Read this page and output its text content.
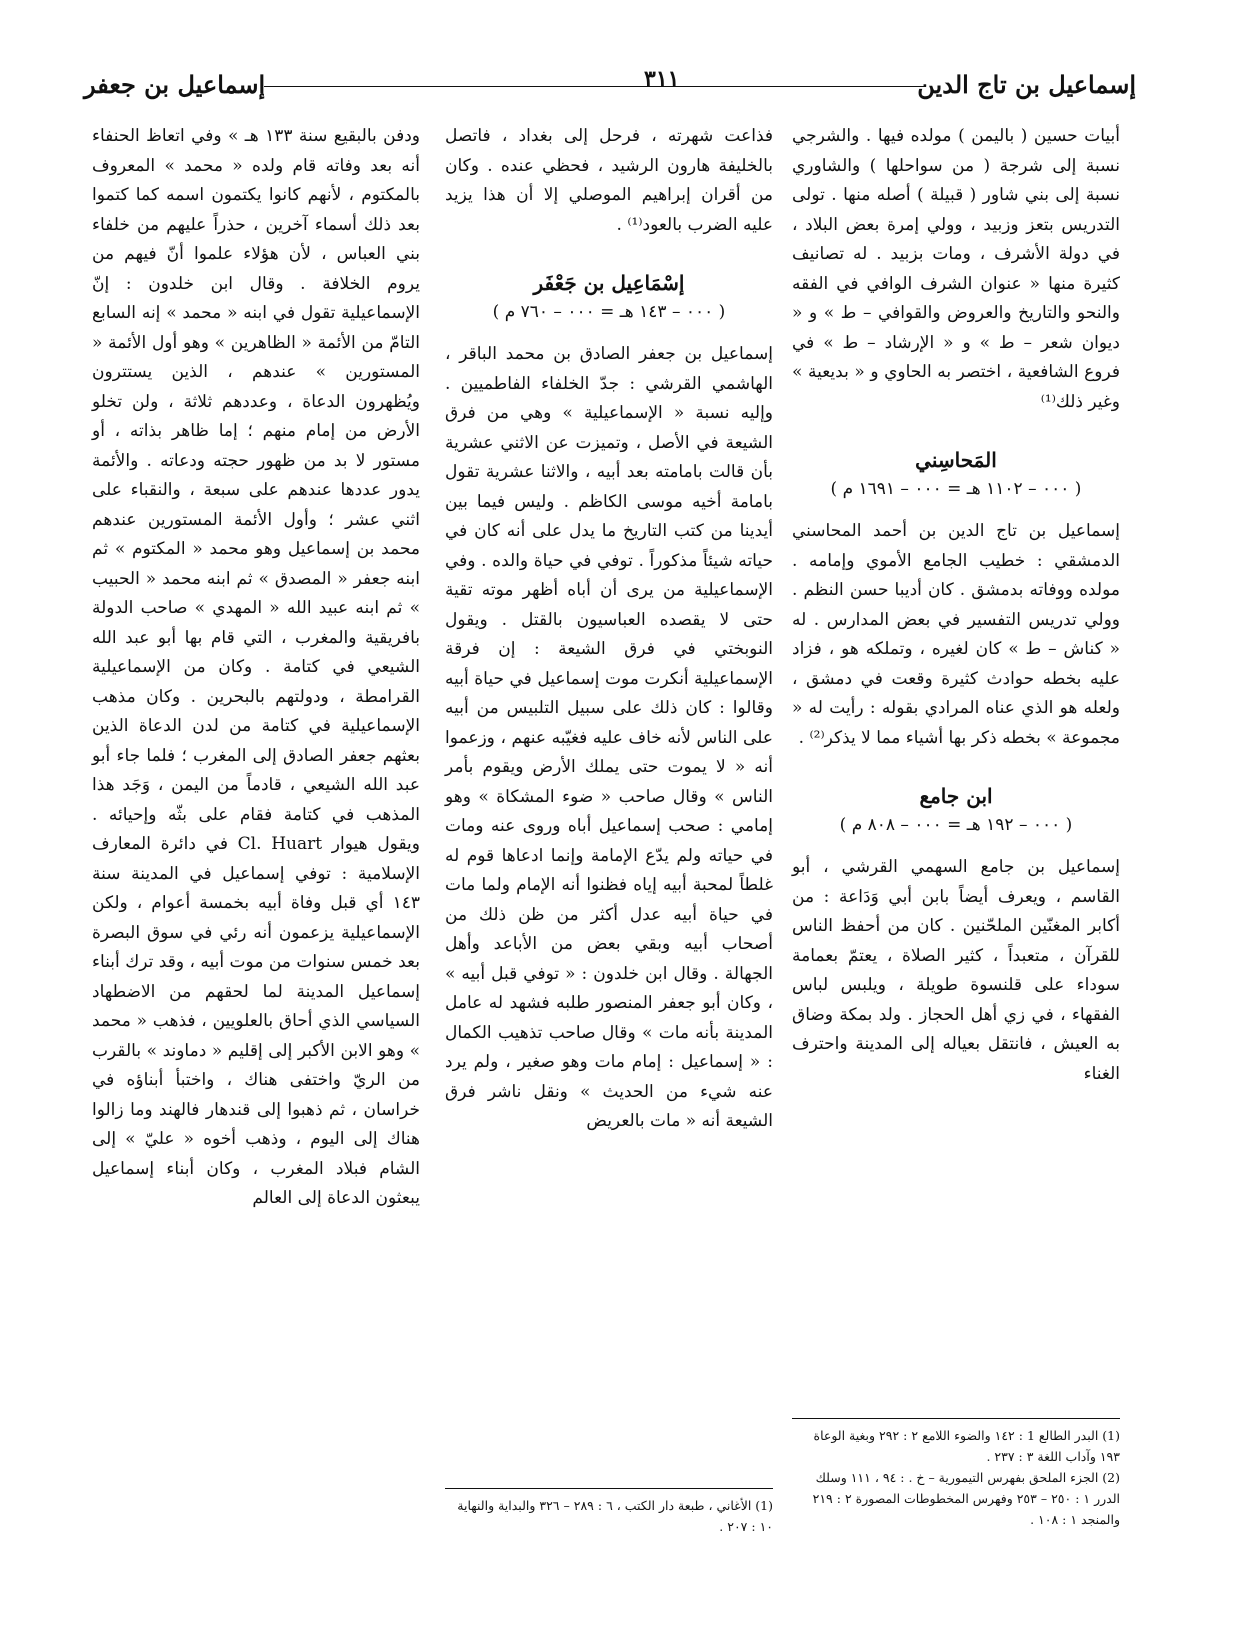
إسماعيل بن تاج الدين
٣١١
إسماعيل بن جعفر

أبيات حسين ( باليمن ) مولده فيها . والشرجي نسبة إلى شرجة ( من سواحلها ) والشاوري نسبة إلى بني شاور ( قبيلة ) أصله منها . تولى التدريس بتعز وزبيد ، وولي إمرة بعض البلاد ، في دولة الأشرف ، ومات بزبيد . له تصانيف كثيرة منها « عنوان الشرف الوافي في الفقه والنحو والتاريخ والعروض والقوافي – ط » و « ديوان شعر – ط » و « الإرشاد – ط » في فروع الشافعية ، اختصر به الحاوي و « بديعية » وغير ذلك⁽¹⁾

المَحاسِني
( ٠٠٠ – ١١٠٢ هـ = ٠٠٠ – ١٦٩١ م )

إسماعيل بن تاج الدين بن أحمد المحاسني الدمشقي : خطيب الجامع الأموي وإمامه . مولده ووفاته بدمشق . كان أديبا حسن النظم . وولي تدريس التفسير في بعض المدارس . له « كناش – ط » كان لغيره ، وتملكه هو ، فزاد عليه بخطه حوادث كثيرة وقعت في دمشق ، ولعله هو الذي عناه المرادي بقوله : رأيت له « مجموعة » بخطه ذكر بها أشياء مما لا يذكر⁽²⁾ .

ابن جامع
( ٠٠٠ – ١٩٢ هـ = ٠٠٠ – ٨٠٨ م )

إسماعيل بن جامع السهمي القرشي ، أبو القاسم ، ويعرف أيضاً بابن أبي وَدَاعة : من أكابر المغنّين الملحّنين . كان من أحفظ الناس للقرآن ، متعبداً ، كثير الصلاة ، يعتمّ بعمامة سوداء على قلنسوة طويلة ، ويلبس لباس الفقهاء ، في زي أهل الحجاز . ولد بمكة وضاق به العيش ، فانتقل بعياله إلى المدينة واحترف الغناء

(1) البدر الطالع 1 : ١٤٢ والضوء اللامع ٢ : ٢٩٢ وبغية الوعاة ١٩٣ وآداب اللغة ٣ : ٢٣٧ .

(2) الجزء الملحق بفهرس التيمورية – خ . : ٩٤ ، ١١١ وسلك الدرر ١ : ٢٥٠ – ٢٥٣ وفهرس المخطوطات المصورة ٢ : ٢١٩ والمنجد ١ : ١٠٨ .

فذاعت شهرته ، فرحل إلى بغداد ، فاتصل بالخليفة هارون الرشيد ، فحظي عنده . وكان من أقران إبراهيم الموصلي إلا أن هذا يزيد عليه الضرب بالعود⁽¹⁾ .

إسْمَاعِيل بن جَعْفَر
( ٠٠٠ – ١٤٣ هـ = ٠٠٠ – ٧٦٠ م )

إسماعيل بن جعفر الصادق بن محمد الباقر ، الهاشمي القرشي : جدّ الخلفاء الفاطميين . وإليه نسبة « الإسماعيلية » وهي من فرق الشيعة في الأصل ، وتميزت عن الاثني عشرية بأن قالت بامامته بعد أبيه ، والاثنا عشرية تقول بامامة أخيه موسى الكاظم . وليس فيما بين أيدينا من كتب التاريخ ما يدل على أنه كان في حياته شيئاً مذكوراً . توفي في حياة والده . وفي الإسماعيلية من يرى أن أباه أظهر موته تقية حتى لا يقصده العباسيون بالقتل . ويقول النوبختي في فرق الشيعة : إن فرقة الإسماعيلية أنكرت موت إسماعيل في حياة أبيه وقالوا : كان ذلك على سبيل التلبيس من أبيه على الناس لأنه خاف عليه فغيّبه عنهم ، وزعموا أنه « لا يموت حتى يملك الأرض ويقوم بأمر الناس » وقال صاحب « ضوء المشكاة » وهو إمامي : صحب إسماعيل أباه وروى عنه ومات في حياته ولم يدّع الإمامة وإنما ادعاها قوم له غلطاً لمحبة أبيه إياه فظنوا أنه الإمام ولما مات في حياة أبيه عدل أكثر من ظن ذلك من أصحاب أبيه وبقي بعض من الأباعد وأهل الجهالة . وقال ابن خلدون : « توفي قبل أبيه » ، وكان أبو جعفر المنصور طلبه فشهد له عامل المدينة بأنه مات » وقال صاحب تذهيب الكمال : « إسماعيل : إمام مات وهو صغير ، ولم يرد عنه شيء من الحديث » ونقل ناشر فرق الشيعة أنه « مات بالعريض

(1) الأغاني ، طبعة دار الكتب ، ٦ : ٢٨٩ – ٣٢٦ والبداية والنهاية ١٠ : ٢٠٧ .

ودفن بالبقيع سنة ١٣٣ هـ » وفي اتعاظ الحنفاء أنه بعد وفاته قام ولده « محمد » المعروف بالمكتوم ، لأنهم كانوا يكتمون اسمه كما كتموا بعد ذلك أسماء آخرين ، حذراً عليهم من خلفاء بني العباس ، لأن هؤلاء علموا أنّ فيهم من يروم الخلافة . وقال ابن خلدون : إنّ الإسماعيلية تقول في ابنه « محمد » إنه السابع التامّ من الأئمة « الظاهرين » وهو أول الأئمة « المستورين » عندهم ، الذين يستترون ويُظهرون الدعاة ، وعددهم ثلاثة ، ولن تخلو الأرض من إمام منهم ؛ إما ظاهر بذاته ، أو مستور لا بد من ظهور حجته ودعاته . والأئمة يدور عددها عندهم على سبعة ، والنقباء على اثني عشر ؛ وأول الأئمة المستورين عندهم محمد بن إسماعيل وهو محمد « المكتوم » ثم ابنه جعفر « المصدق » ثم ابنه محمد « الحبيب » ثم ابنه عبيد الله « المهدي » صاحب الدولة بافريقية والمغرب ، التي قام بها أبو عبد الله الشيعي في كتامة . وكان من الإسماعيلية القرامطة ، ودولتهم بالبحرين . وكان مذهب الإسماعيلية في كتامة من لدن الدعاة الذين بعثهم جعفر الصادق إلى المغرب ؛ فلما جاء أبو عبد الله الشيعي ، قادماً من اليمن ، وَجَد هذا المذهب في كتامة فقام على بثّه وإحيائه . ويقول هيوار Cl. Huart في دائرة المعارف الإسلامية : توفي إسماعيل في المدينة سنة ١٤٣ أي قبل وفاة أبيه بخمسة أعوام ، ولكن الإسماعيلية يزعمون أنه رئي في سوق البصرة بعد خمس سنوات من موت أبيه ، وقد ترك أبناء إسماعيل المدينة لما لحقهم من الاضطهاد السياسي الذي أحاق بالعلويين ، فذهب « محمد » وهو الابن الأكبر إلى إقليم « دماوند » بالقرب من الريّ واختفى هناك ، واختبأ أبناؤه في خراسان ، ثم ذهبوا إلى قندهار فالهند وما زالوا هناك إلى اليوم ، وذهب أخوه « عليّ » إلى الشام فبلاد المغرب ، وكان أبناء إسماعيل يبعثون الدعاة إلى العالم
